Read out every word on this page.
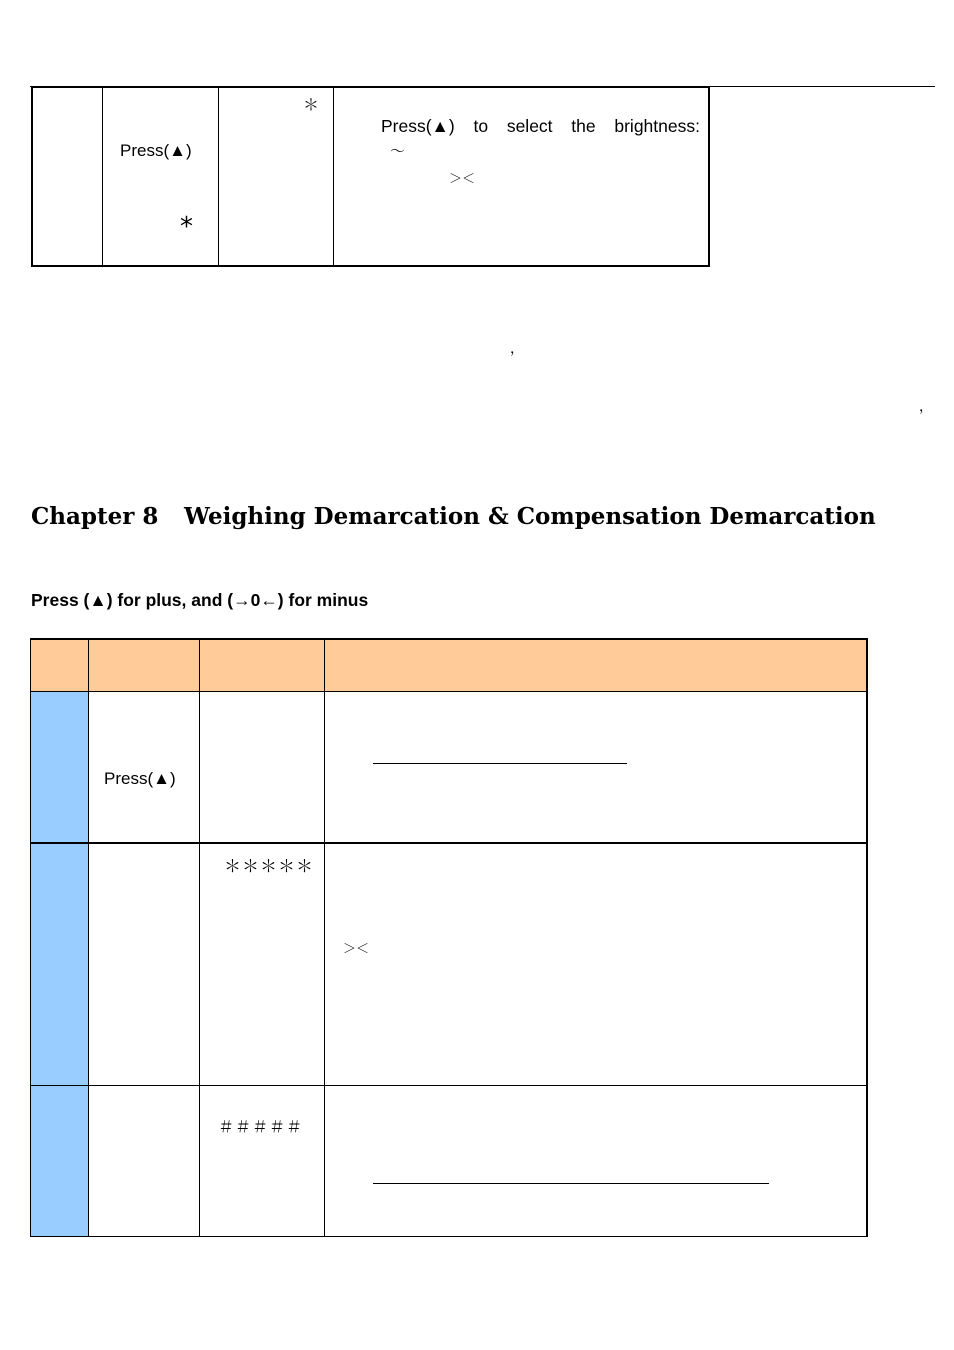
Press(▲)
*
＊
Press(▲) to select the brightness:
～
＞＜
，
，
Chapter 8 Weighing Demarcation & Compensation Demarcation
Press (▲) for plus, and (→0←) for minus
Press(▲)
＊＊＊＊＊
＞＜
＃＃＃＃＃
